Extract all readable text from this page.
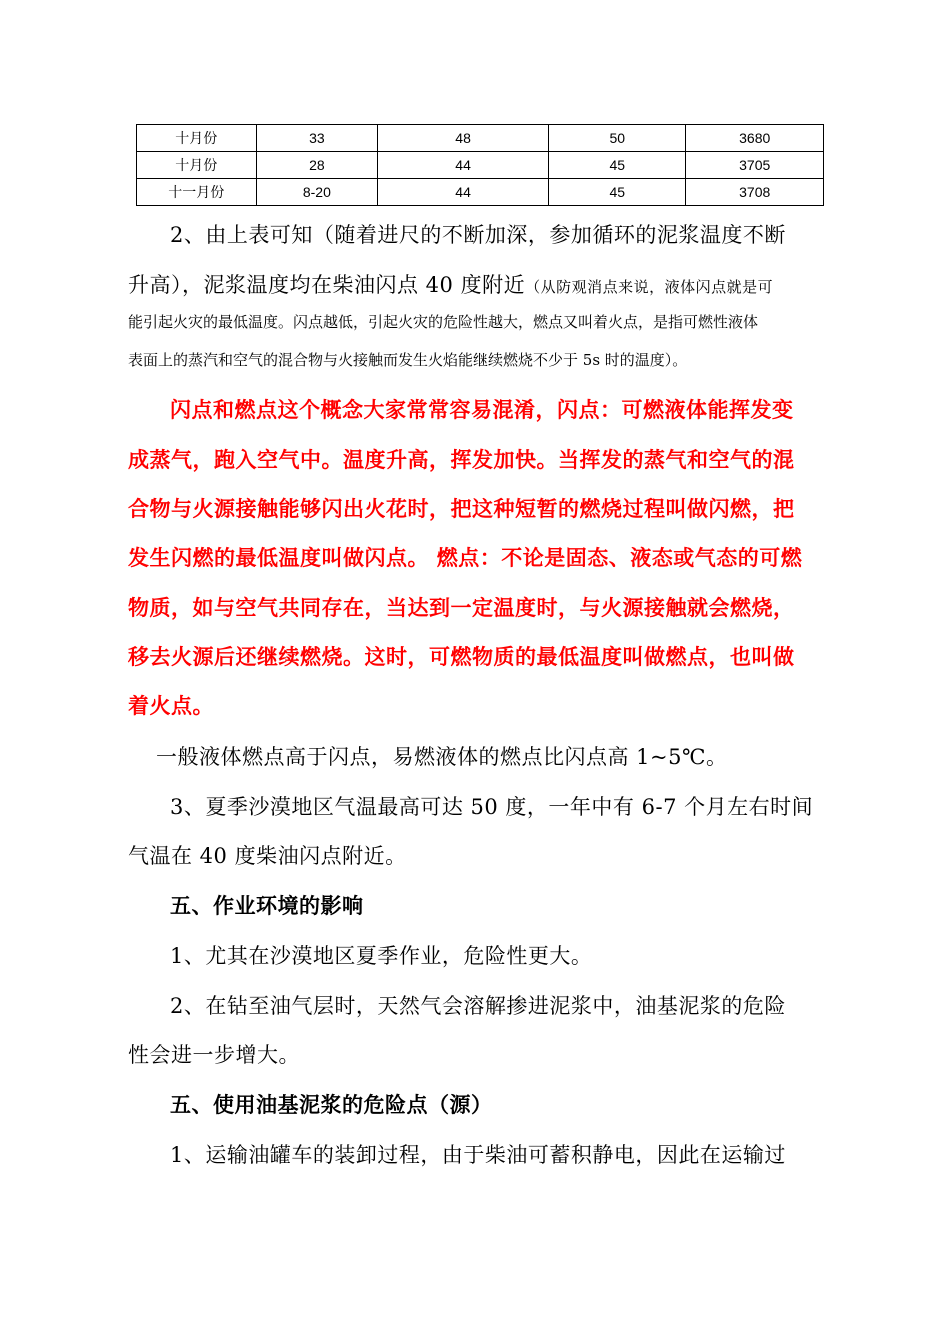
十月份	33	48	50	3680
十月份	28	44	45	3705
十一月份	8-20	44	45	3708
2、由上表可知（随着进尺的不断加深，参加循环的泥浆温度不断
升高），泥浆温度均在柴油闪点 40 度附近（从防观消点来说，液体闪点就是可
能引起火灾的最低温度。闪点越低，引起火灾的危险性越大，燃点又叫着火点，是指可燃性液体
表面上的蒸汽和空气的混合物与火接触而发生火焰能继续燃烧不少于 5s 时的温度）。
闪点和燃点这个概念大家常常容易混淆，闪点：可燃液体能挥发变
成蒸气，跑入空气中。温度升高，挥发加快。当挥发的蒸气和空气的混
合物与火源接触能够闪出火花时，把这种短暂的燃烧过程叫做闪燃，把
发生闪燃的最低温度叫做闪点。 燃点：不论是固态、液态或气态的可燃
物质，如与空气共同存在，当达到一定温度时，与火源接触就会燃烧，
移去火源后还继续燃烧。这时，可燃物质的最低温度叫做燃点，也叫做
着火点。
一般液体燃点高于闪点，易燃液体的燃点比闪点高 1~5℃。
3、夏季沙漠地区气温最高可达 50 度，一年中有 6-7 个月左右时间
气温在 40 度柴油闪点附近。
五、作业环境的影响
1、尤其在沙漠地区夏季作业，危险性更大。
2、在钻至油气层时，天然气会溶解掺进泥浆中，油基泥浆的危险
性会进一步增大。
五、使用油基泥浆的危险点（源）
1、运输油罐车的装卸过程，由于柴油可蓄积静电，因此在运输过
